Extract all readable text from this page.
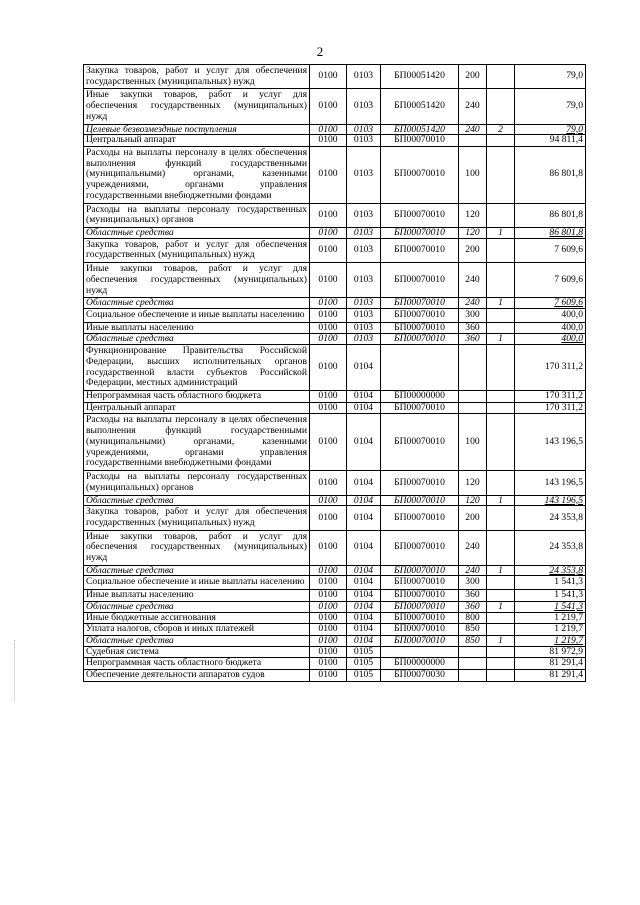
2
Закупка товаров, работ и услуг для обеспечения государственных (муниципальных) нужд	0100	0103	БП00051420	200		79,0
Иные закупки товаров, работ и услуг для обеспечения государственных (муниципальных) нужд	0100	0103	БП00051420	240		79,0
Целевые безвозмездные поступления	0100	0103	БП00051420	240	2	79,0
Центральный аппарат	0100	0103	БП00070010			94 811,4
Расходы на выплаты персоналу в целях обеспечения выполнения функций государственными (муниципальными) органами, казенными учреждениями, органами управления государственными внебюджетными фондами	0100	0103	БП00070010	100		86 801,8
Расходы на выплаты персоналу государственных (муниципальных) органов	0100	0103	БП00070010	120		86 801,8
Областные средства	0100	0103	БП00070010	120	1	86 801,8
Закупка товаров, работ и услуг для обеспечения государственных (муниципальных) нужд	0100	0103	БП00070010	200		7 609,6
Иные закупки товаров, работ и услуг для обеспечения государственных (муниципальных) нужд	0100	0103	БП00070010	240		7 609,6
Областные средства	0100	0103	БП00070010	240	1	7 609,6
Социальное обеспечение и иные выплаты населению	0100	0103	БП00070010	300		400,0
Иные выплаты населению	0100	0103	БП00070010	360		400,0
Областные средства	0100	0103	БП00070010	360	1	400,0
Функционирование Правительства Российской Федерации, высших исполнительных органов государственной власти субъектов Российской Федерации, местных администраций	0100	0104				170 311,2
Непрограммная часть областного бюджета	0100	0104	БП00000000			170 311,2
Центральный аппарат	0100	0104	БП00070010			170 311,2
Расходы на выплаты персоналу в целях обеспечения выполнения функций государственными (муниципальными) органами, казенными учреждениями, органами управления государственными внебюджетными фондами	0100	0104	БП00070010	100		143 196,5
Расходы на выплаты персоналу государственных (муниципальных) органов	0100	0104	БП00070010	120		143 196,5
Областные средства	0100	0104	БП00070010	120	1	143 196,5
Закупка товаров, работ и услуг для обеспечения государственных (муниципальных) нужд	0100	0104	БП00070010	200		24 353,8
Иные закупки товаров, работ и услуг для обеспечения государственных (муниципальных) нужд	0100	0104	БП00070010	240		24 353,8
Областные средства	0100	0104	БП00070010	240	1	24 353,8
Социальное обеспечение и иные выплаты населению	0100	0104	БП00070010	300		1 541,3
Иные выплаты населению	0100	0104	БП00070010	360		1 541,3
Областные средства	0100	0104	БП00070010	360	1	1 541,3
Иные бюджетные ассигнования	0100	0104	БП00070010	800		1 219,7
Уплата налогов, сборов и иных платежей	0100	0104	БП00070010	850		1 219,7
Областные средства	0100	0104	БП00070010	850	1	1 219,7
Судебная система	0100	0105				81 972,9
Непрограммная часть областного бюджета	0100	0105	БП00000000			81 291,4
Обеспечение деятельности аппаратов судов	0100	0105	БП00070030			81 291,4
